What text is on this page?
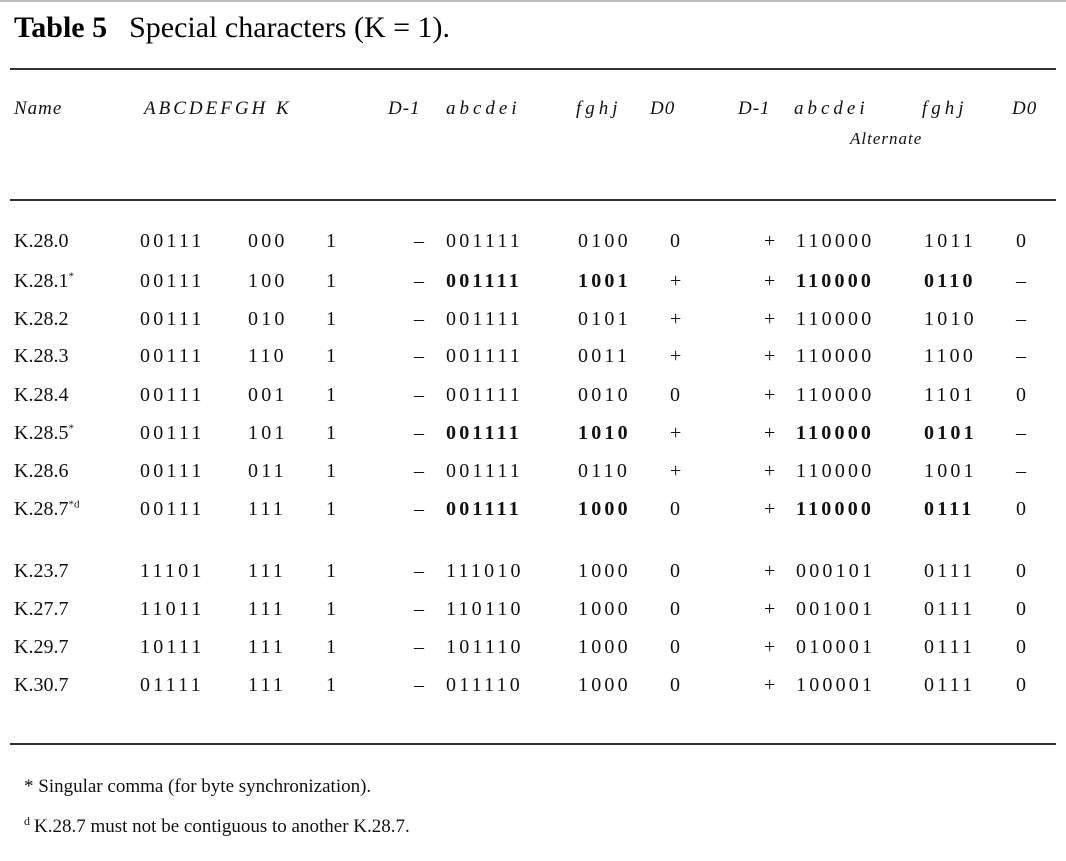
Table 5 Special characters (K = 1).
Name	ABCDEFGH K	D-1 abcdei	fghj D0	D-1 abcdei	fghj D0
Alternate
K.28.0	00111 000 1	– 001111	0100 0	+ 110000 1011 0
K.28.1*	00111 100 1	– 001111	1001 +	+ 110000 0110 –
K.28.2	00111 010 1	– 001111	0101 +	+ 110000 1010 –
K.28.3	00111 110 1	– 001111	0011 +	+ 110000 1100 –
K.28.4	00111 001 1	– 001111	0010 0	+ 110000 1101 0
K.28.5*	00111 101 1	– 001111	1010 +	+ 110000 0101 –
K.28.6	00111 011 1	– 001111	0110 +	+ 110000 1001 –
K.28.7$^{*d}$	00111 111 1	– 001111	1000 0	+ 110000 0111 0
K.23.7	11101 111 1	– 111010	1000 0	+ 000101 0111 0
K.27.7	11011 111 1	– 110110	1000 0	+ 001001 0111 0
K.29.7	10111 111 1	– 101110	1000 0	+ 010001 0111 0
K.30.7	01111 111 1	– 011110	1000 0	+ 100001 0111 0
* Singular comma (for byte synchronization).
$^d$ K.28.7 must not be contiguous to another K.28.7.
